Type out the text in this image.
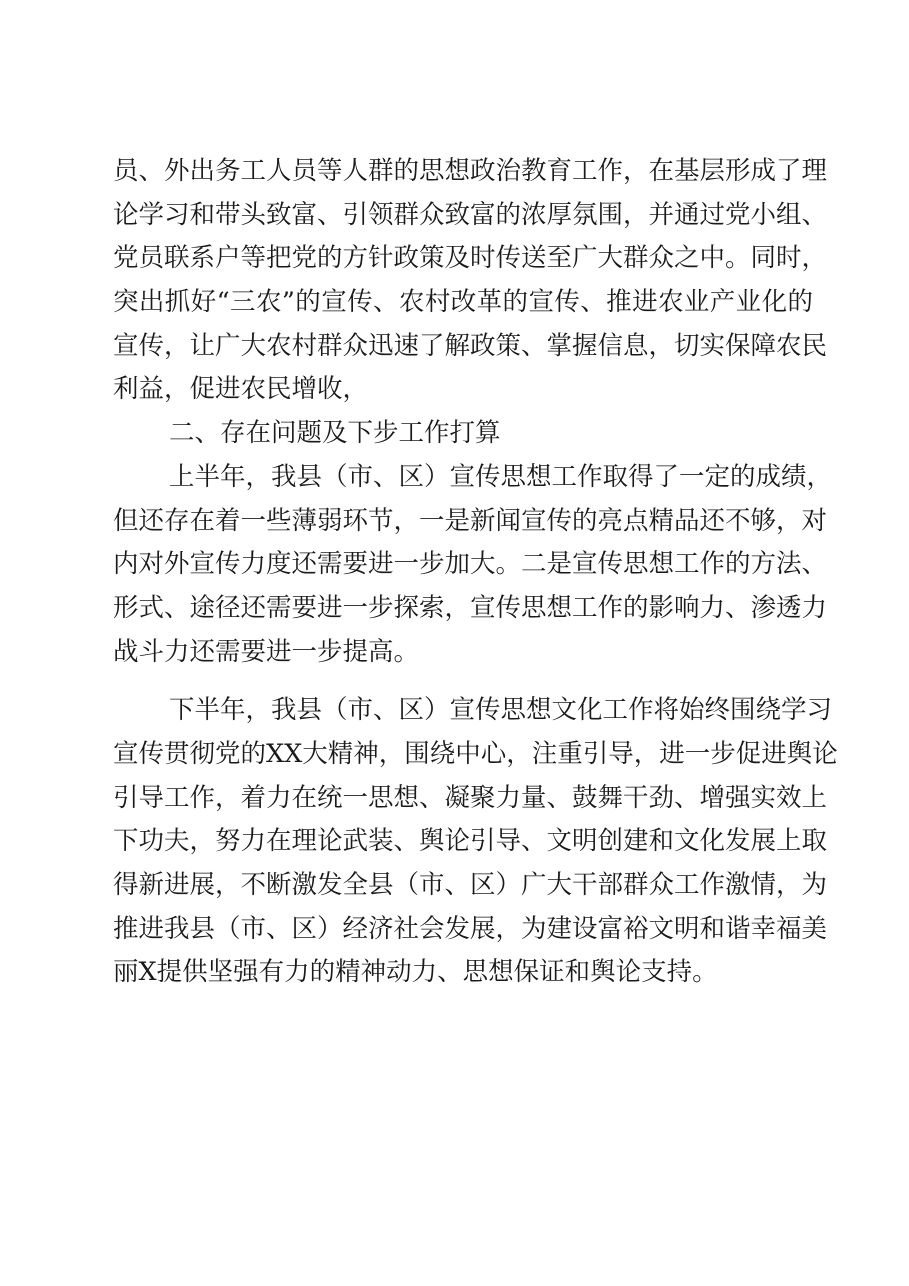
员、外出务工人员等人群的思想政治教育工作，在基层形成了理
论学习和带头致富、引领群众致富的浓厚氛围，并通过党小组、
党员联系户等把党的方针政策及时传送至广大群众之中。同时，
突出抓好“三农”的宣传、农村改革的宣传、推进农业产业化的
宣传，让广大农村群众迅速了解政策、掌握信息，切实保障农民
利益，促进农民增收，
二、存在问题及下步工作打算
上半年，我县（市、区）宣传思想工作取得了一定的成绩，
但还存在着一些薄弱环节，一是新闻宣传的亮点精品还不够，对
内对外宣传力度还需要进一步加大。二是宣传思想工作的方法、
形式、途径还需要进一步探索，宣传思想工作的影响力、渗透力
战斗力还需要进一步提高。
下半年，我县（市、区）宣传思想文化工作将始终围绕学习
宣传贯彻党的XX大精神，围绕中心，注重引导，进一步促进舆论
引导工作，着力在统一思想、凝聚力量、鼓舞干劲、增强实效上
下功夫，努力在理论武装、舆论引导、文明创建和文化发展上取
得新进展，不断激发全县（市、区）广大干部群众工作激情，为
推进我县（市、区）经济社会发展，为建设富裕文明和谐幸福美
丽X提供坚强有力的精神动力、思想保证和舆论支持。
